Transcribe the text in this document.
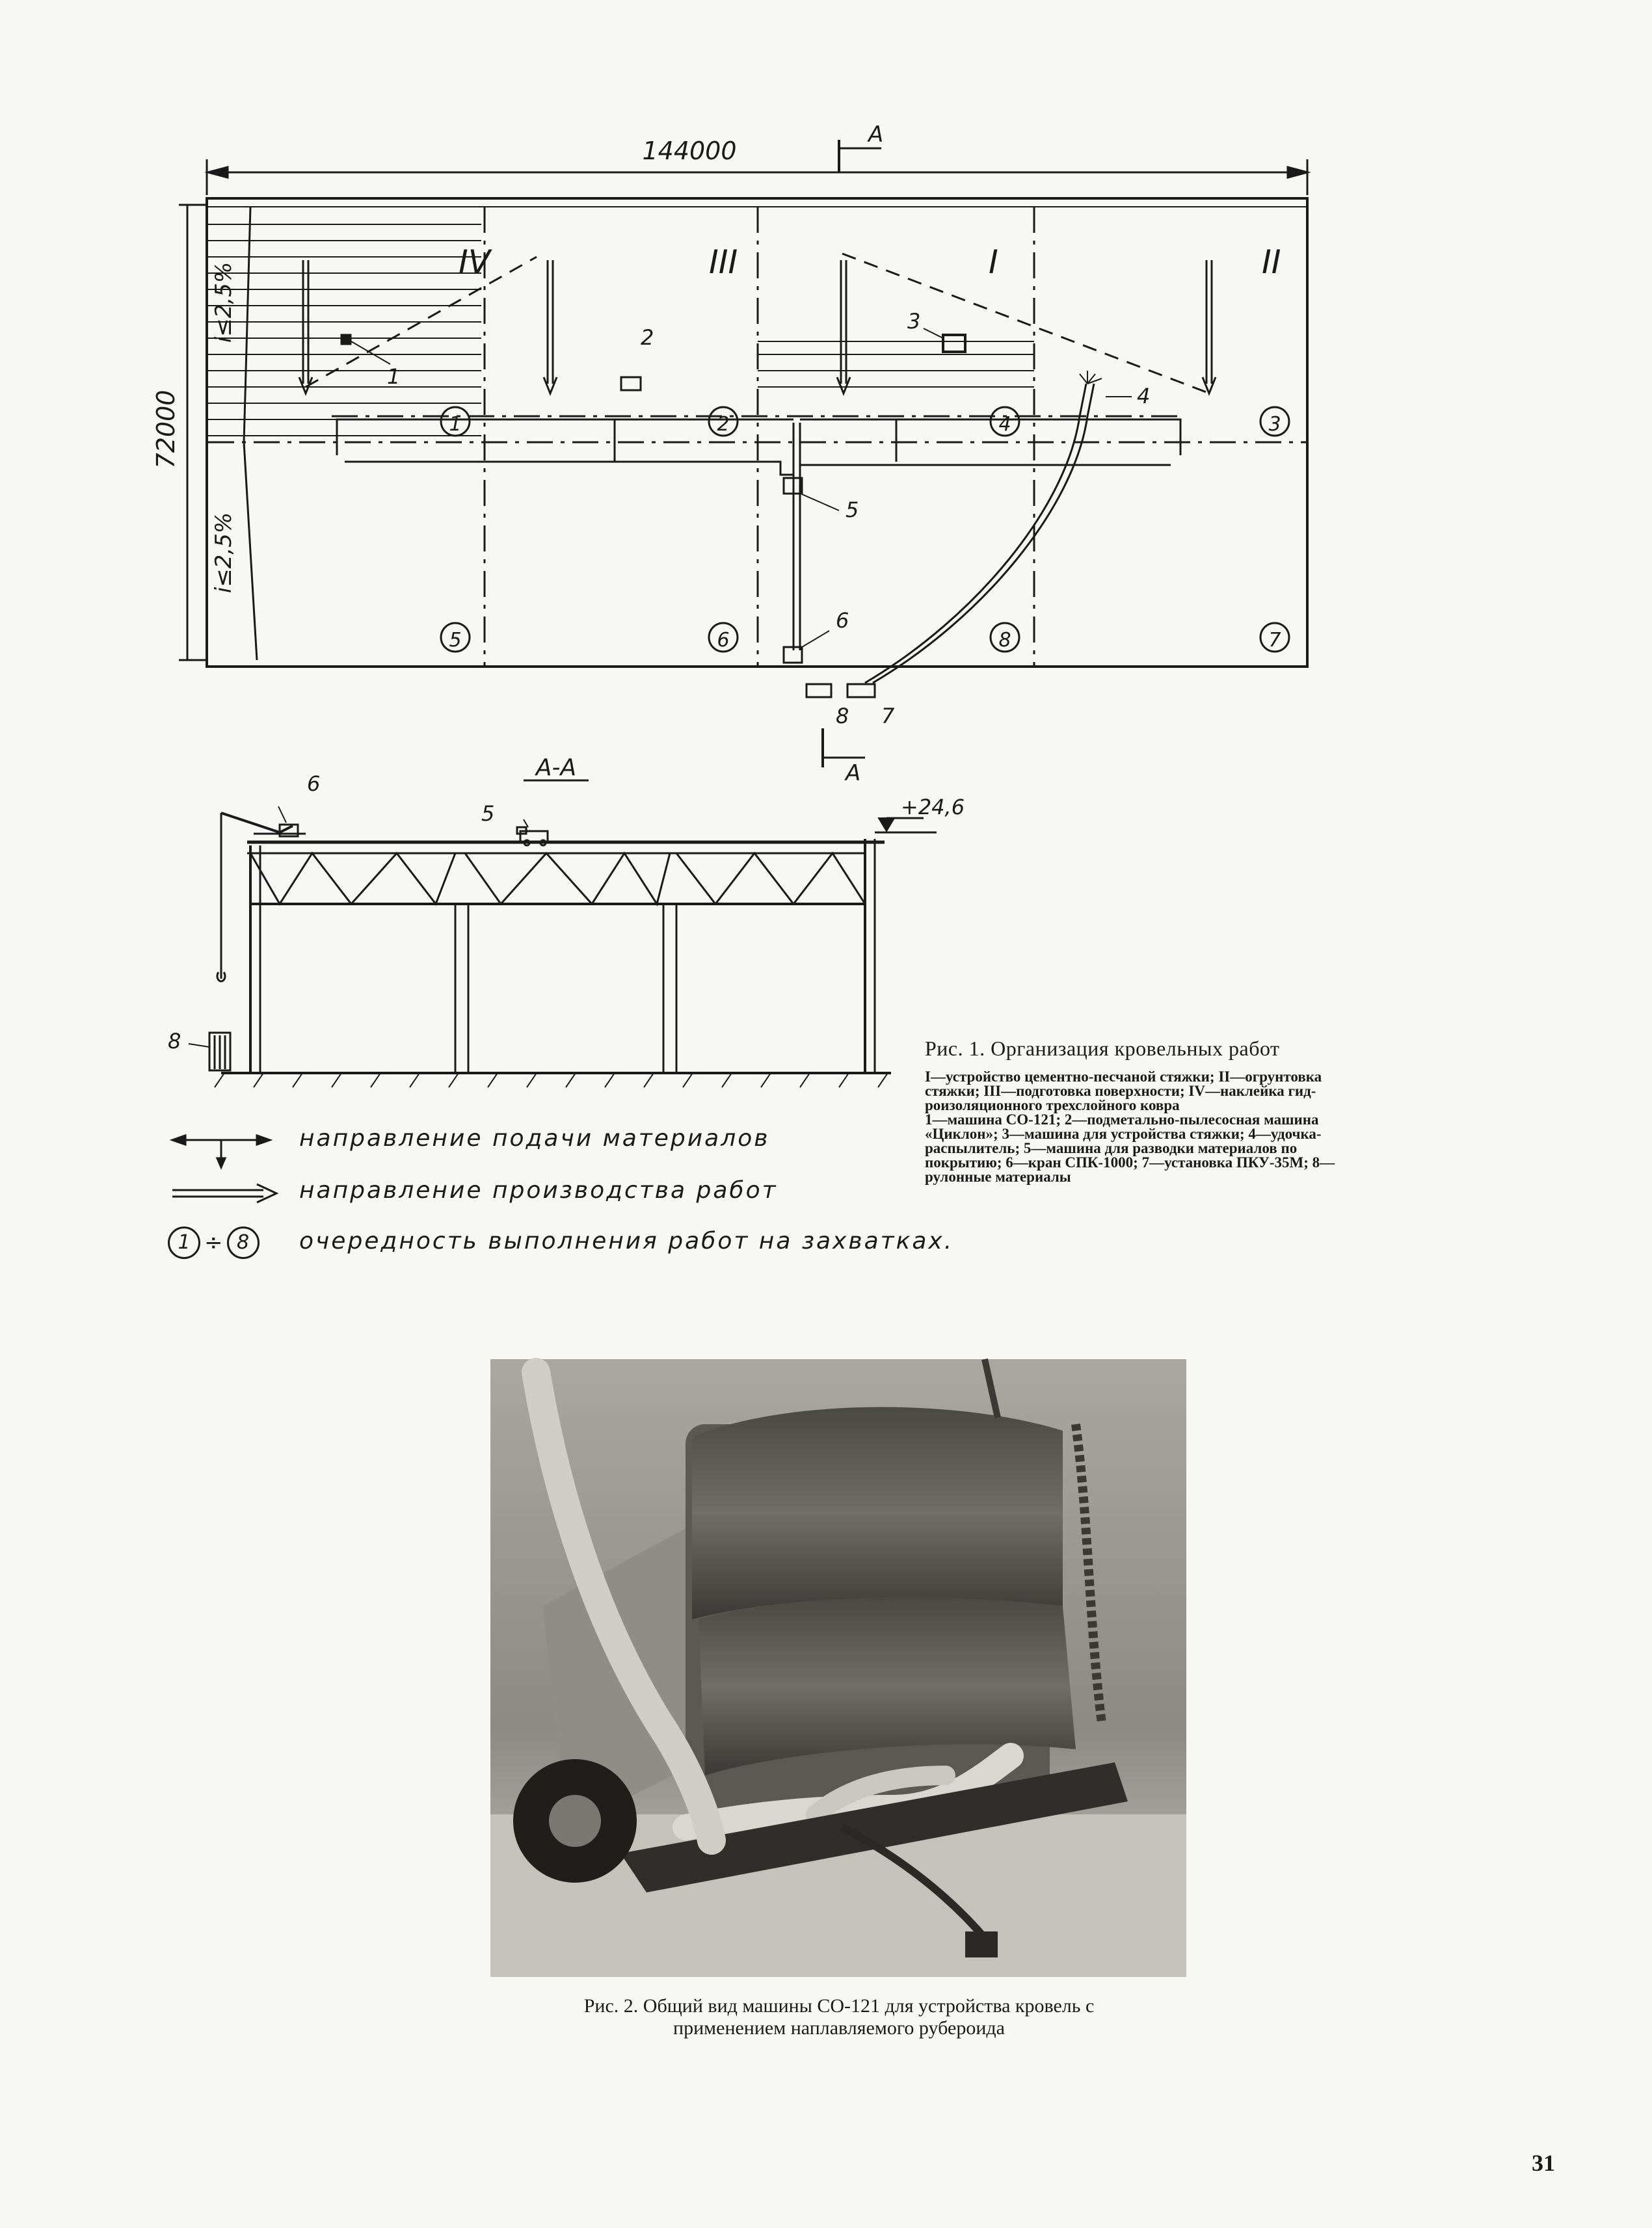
144000
А
72000
i≤2,5%
i≤2,5%
IV	III	I	II
1	2	4	3
5	6	8	7
1
2
3
4
5
6
7
8
А
А-А
+24,6
6
5
8
направление подачи материалов
направление производства работ
1 ÷ 8	очередность выполнения работ на захватках.
Рис. 1. Организация кровельных работ

I—устройство цементно-песчаной стяжки; II—огрунтовка

стяжки; III—подготовка поверхности; IV—наклейка гид-

роизоляционного трехслойного ковра

1—машина СО-121; 2—подметально-пылесосная машина

«Циклон»; 3—машина для устройства стяжки; 4—удочка-

распылитель; 5—машина для разводки материалов по

покрытию; 6—кран СПК-1000; 7—установка ПКУ-35М; 8—

рулонные материалы

Рис. 2. Общий вид машины СО-121 для устройства кровель с
применением наплавляемого рубероида
31
